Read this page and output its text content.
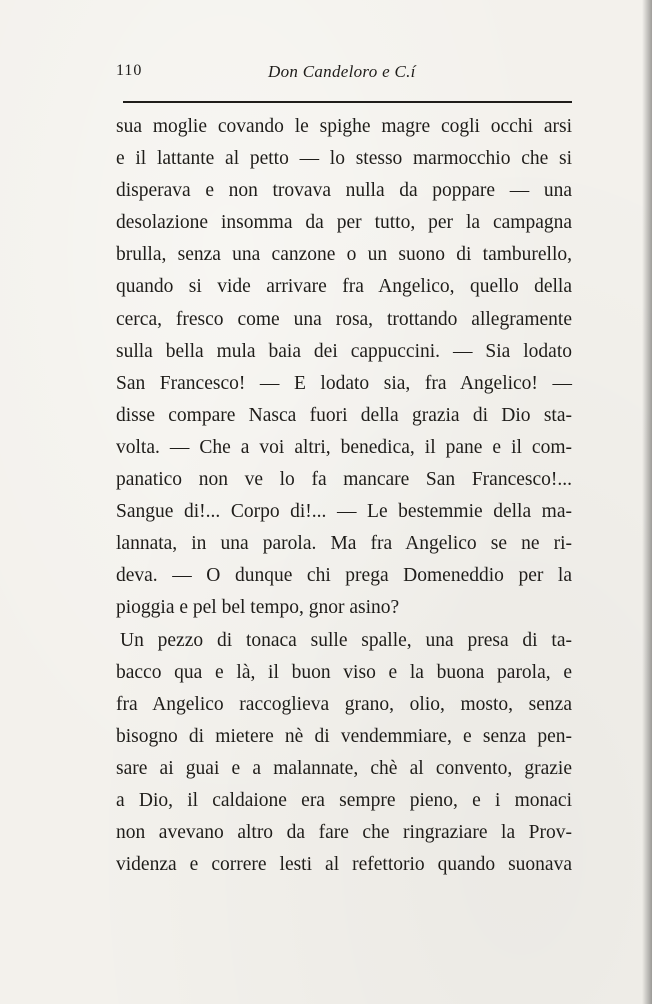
110	Don Candeloro e C.í
sua moglie covando le spighe magre cogli occhi arsi
e il lattante al petto — lo stesso marmocchio che si
disperava e non trovava nulla da poppare — una
desolazione insomma da per tutto, per la campagna
brulla, senza una canzone o un suono di tamburello,
quando si vide arrivare fra Angelico, quello della
cerca, fresco come una rosa, trottando allegramente
sulla bella mula baia dei cappuccini. — Sia lodato
San Francesco! — E lodato sia, fra Angelico! —
disse compare Nasca fuori della grazia di Dio sta-
volta. — Che a voi altri, benedica, il pane e il com-
panatico non ve lo fa mancare San Francesco!...
Sangue di!... Corpo di!... — Le bestemmie della ma-
lannata, in una parola. Ma fra Angelico se ne ri-
deva. — O dunque chi prega Domeneddio per la
pioggia e pel bel tempo, gnor asino?
Un pezzo di tonaca sulle spalle, una presa di ta-
bacco qua e là, il buon viso e la buona parola, e
fra Angelico raccoglieva grano, olio, mosto, senza
bisogno di mietere nè di vendemmiare, e senza pen-
sare ai guai e a malannate, chè al convento, grazie
a Dio, il caldaione era sempre pieno, e i monaci
non avevano altro da fare che ringraziare la Prov-
videnza e correre lesti al refettorio quando suonava
